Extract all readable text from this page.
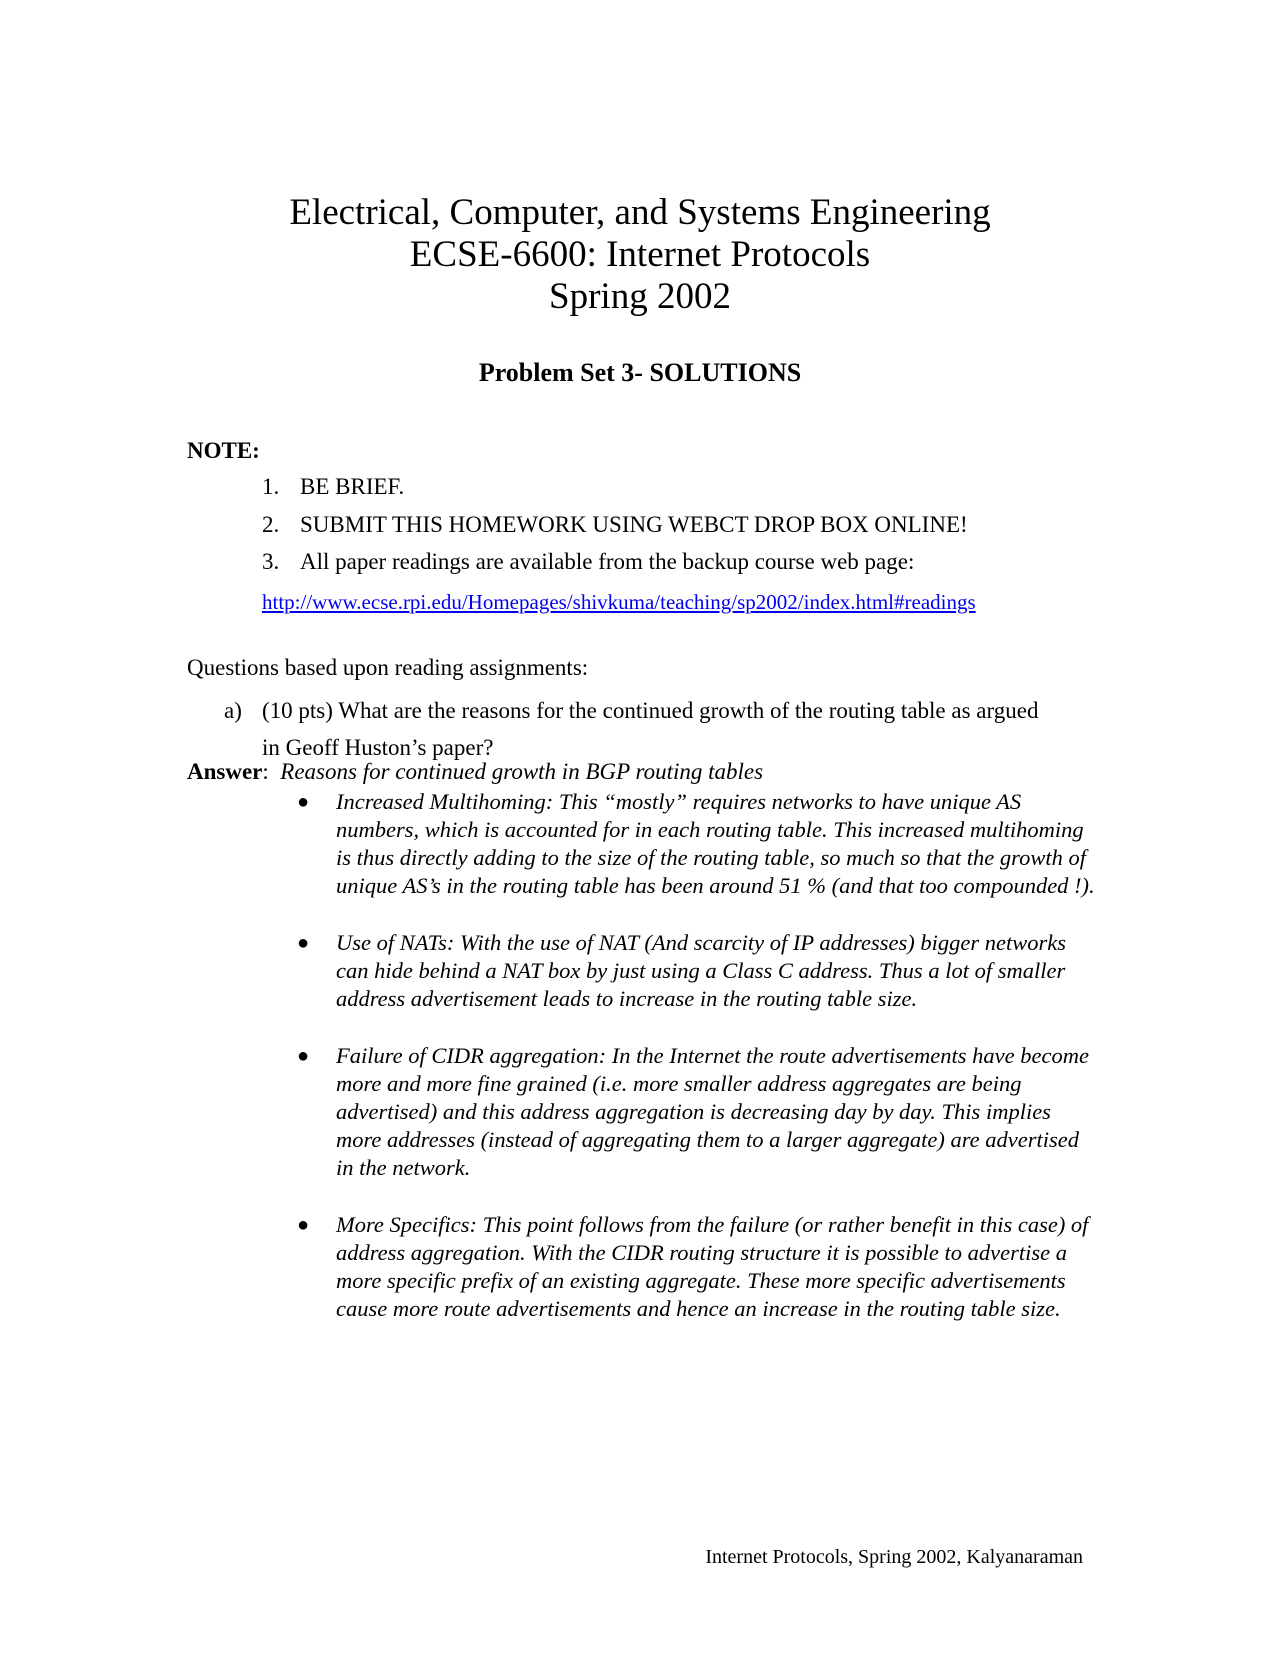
Electrical, Computer, and Systems Engineering
ECSE-6600: Internet Protocols
Spring 2002
Problem Set 3- SOLUTIONS
NOTE:
1. BE BRIEF.
2. SUBMIT THIS HOMEWORK USING WEBCT DROP BOX ONLINE!
3. All paper readings are available from the backup course web page:
http://www.ecse.rpi.edu/Homepages/shivkuma/teaching/sp2002/index.html#readings
Questions based upon reading assignments:
a) (10 pts) What are the reasons for the continued growth of the routing table as argued in Geoff Huston’s paper?
Answer:  Reasons for continued growth in BGP routing tables
● Increased Multihoming: This “mostly” requires networks to have unique AS numbers, which is accounted for in each routing table. This increased multihoming is thus directly adding to the size of the routing table, so much so that the growth of unique AS’s in the routing table has been around 51 % (and that too compounded !).
● Use of NATs: With the use of NAT (And scarcity of IP addresses) bigger networks can hide behind a NAT box by just using a Class C address. Thus a lot of smaller address advertisement leads to increase in the routing table size.
● Failure of CIDR aggregation: In the Internet the route advertisements have become more and more fine grained (i.e. more smaller address aggregates are being advertised) and this address aggregation is decreasing day by day. This implies more addresses (instead of aggregating them to a larger aggregate) are advertised in the network.
● More Specifics: This point follows from the failure (or rather benefit in this case) of address aggregation. With the CIDR routing structure it is possible to advertise a more specific prefix of an existing aggregate. These more specific advertisements cause more route advertisements and hence an increase in the routing table size.
Internet Protocols, Spring 2002, Kalyanaraman
